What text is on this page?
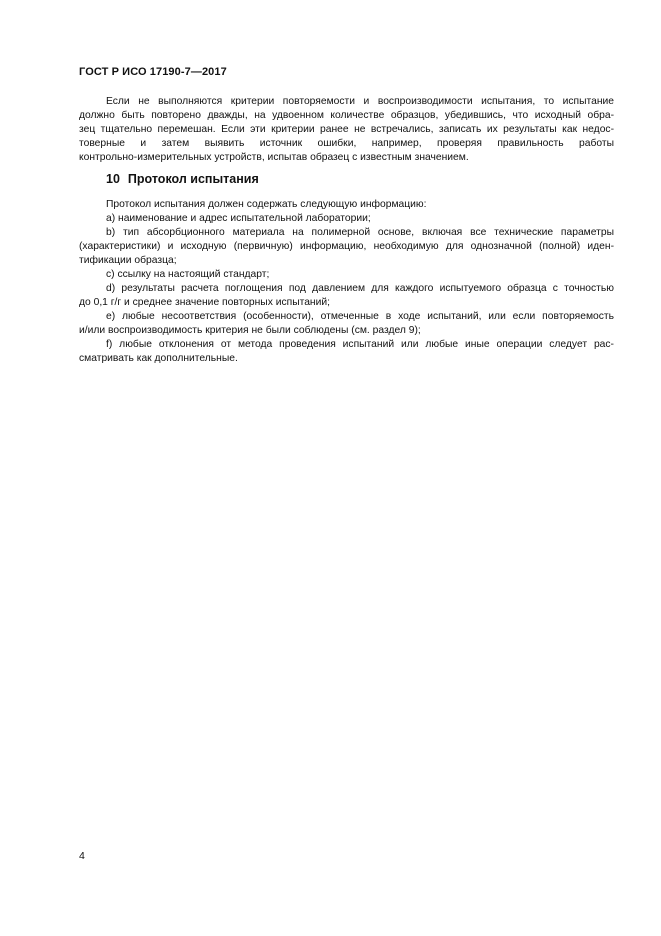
ГОСТ Р ИСО 17190-7—2017
Если не выполняются критерии повторяемости и воспроизводимости испытания, то испытание
должно быть повторено дважды, на удвоенном количестве образцов, убедившись, что исходный обра-
зец тщательно перемешан. Если эти критерии ранее не встречались, записать их результаты как недос-
товерные и затем выявить источник ошибки, например, проверяя правильность работы
контрольно-измерительных устройств, испытав образец с известным значением.
10 Протокол испытания
Протокол испытания должен содержать следующую информацию:
a) наименование и адрес испытательной лаборатории;
b) тип абсорбционного материала на полимерной основе, включая все технические параметры
(характеристики) и исходную (первичную) информацию, необходимую для однозначной (полной) иден-
тификации образца;
c) ссылку на настоящий стандарт;
d) результаты расчета поглощения под давлением для каждого испытуемого образца с точностью
до 0,1 г/г и среднее значение повторных испытаний;
e) любые несоответствия (особенности), отмеченные в ходе испытаний, или если повторяемость
и/или воспроизводимость критерия не были соблюдены (см. раздел 9);
f) любые отклонения от метода проведения испытаний или любые иные операции следует рас-
сматривать как дополнительные.
4
